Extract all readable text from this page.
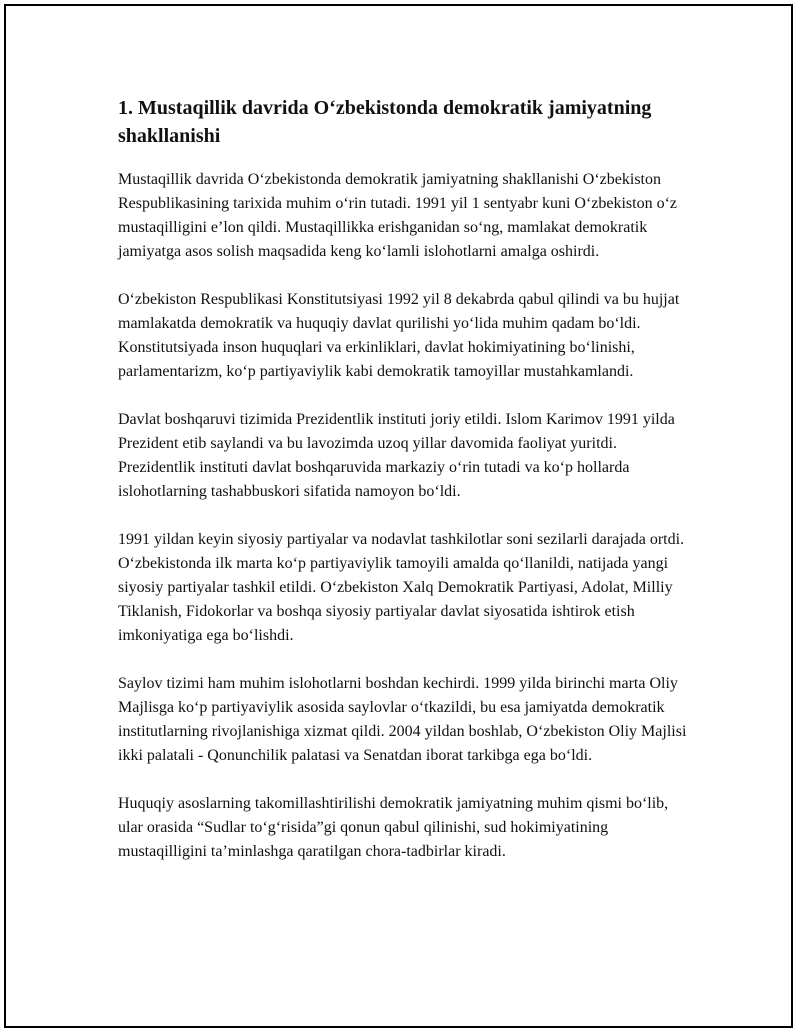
1. Mustaqillik davrida O‘zbekistonda demokratik jamiyatning shakllanishi

Mustaqillik davrida O‘zbekistonda demokratik jamiyatning shakllanishi O‘zbekiston Respublikasining tarixida muhim o‘rin tutadi. 1991 yil 1 sentyabr kuni O‘zbekiston o‘z mustaqilligini e’lon qildi. Mustaqillikka erishganidan so‘ng, mamlakat demokratik jamiyatga asos solish maqsadida keng ko‘lamli islohotlarni amalga oshirdi.

O‘zbekiston Respublikasi Konstitutsiyasi 1992 yil 8 dekabrda qabul qilindi va bu hujjat mamlakatda demokratik va huquqiy davlat qurilishi yo‘lida muhim qadam bo‘ldi. Konstitutsiyada inson huquqlari va erkinliklari, davlat hokimiyatining bo‘linishi, parlamentarizm, ko‘p partiyaviylik kabi demokratik tamoyillar mustahkamlandi.

Davlat boshqaruvi tizimida Prezidentlik instituti joriy etildi. Islom Karimov 1991 yilda Prezident etib saylandi va bu lavozimda uzoq yillar davomida faoliyat yuritdi. Prezidentlik instituti davlat boshqaruvida markaziy o‘rin tutadi va ko‘p hollarda islohotlarning tashabbuskori sifatida namoyon bo‘ldi.

1991 yildan keyin siyosiy partiyalar va nodavlat tashkilotlar soni sezilarli darajada ortdi. O‘zbekistonda ilk marta ko‘p partiyaviylik tamoyili amalda qo‘llanildi, natijada yangi siyosiy partiyalar tashkil etildi. O‘zbekiston Xalq Demokratik Partiyasi, Adolat, Milliy Tiklanish, Fidokorlar va boshqa siyosiy partiyalar davlat siyosatida ishtirok etish imkoniyatiga ega bo‘lishdi.

Saylov tizimi ham muhim islohotlarni boshdan kechirdi. 1999 yilda birinchi marta Oliy Majlisga ko‘p partiyaviylik asosida saylovlar o‘tkazildi, bu esa jamiyatda demokratik institutlarning rivojlanishiga xizmat qildi. 2004 yildan boshlab, O‘zbekiston Oliy Majlisi ikki palatali - Qonunchilik palatasi va Senatdan iborat tarkibga ega bo‘ldi.

Huquqiy asoslarning takomillashtirilishi demokratik jamiyatning muhim qismi bo‘lib, ular orasida “Sudlar to‘g‘risida”gi qonun qabul qilinishi, sud hokimiyatining mustaqilligini ta’minlashga qaratilgan chora-tadbirlar kiradi.
